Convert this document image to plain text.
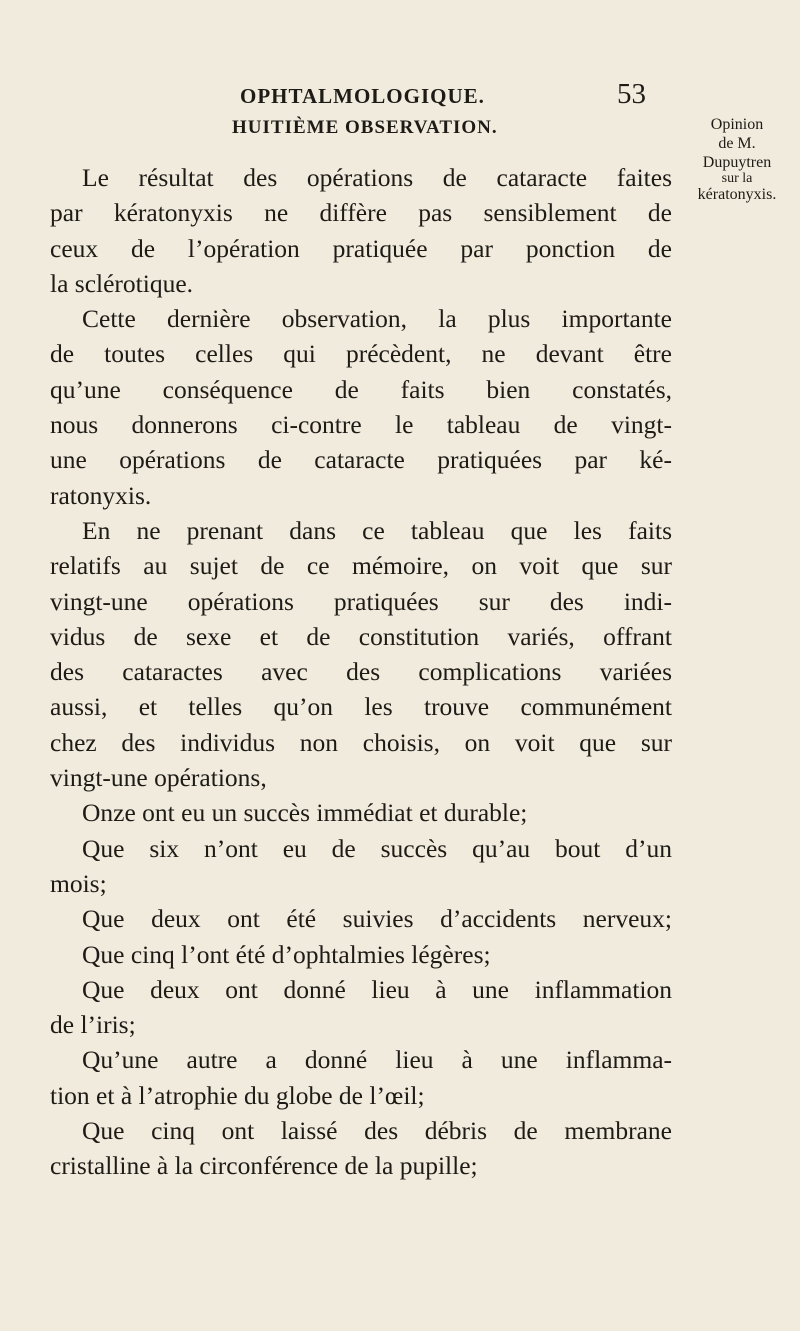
OPHTALMOLOGIQUE.	53
HUITIÈME OBSERVATION.	Opinion
de M.
Dupuytren
sur la
kératonyxis.
Le résultat des opérations de cataracte faites
par kératonyxis ne diffère pas sensiblement de
ceux de l’opération pratiquée par ponction de
la sclérotique.
Cette dernière observation, la plus importante
de toutes celles qui précèdent, ne devant être
qu’une conséquence de faits bien constatés,
nous donnerons ci-contre le tableau de vingt-
une opérations de cataracte pratiquées par ké-
ratonyxis.
En ne prenant dans ce tableau que les faits
relatifs au sujet de ce mémoire, on voit que sur
vingt-une opérations pratiquées sur des indi-
vidus de sexe et de constitution variés, offrant
des cataractes avec des complications variées
aussi, et telles qu’on les trouve communément
chez des individus non choisis, on voit que sur
vingt-une opérations,
Onze ont eu un succès immédiat et durable;
Que six n’ont eu de succès qu’au bout d’un
mois;
Que deux ont été suivies d’accidents nerveux;
Que cinq l’ont été d’ophtalmies légères;
Que deux ont donné lieu à une inflammation
de l’iris;
Qu’une autre a donné lieu à une inflamma-
tion et à l’atrophie du globe de l’œil;
Que cinq ont laissé des débris de membrane
cristalline à la circonférence de la pupille;
